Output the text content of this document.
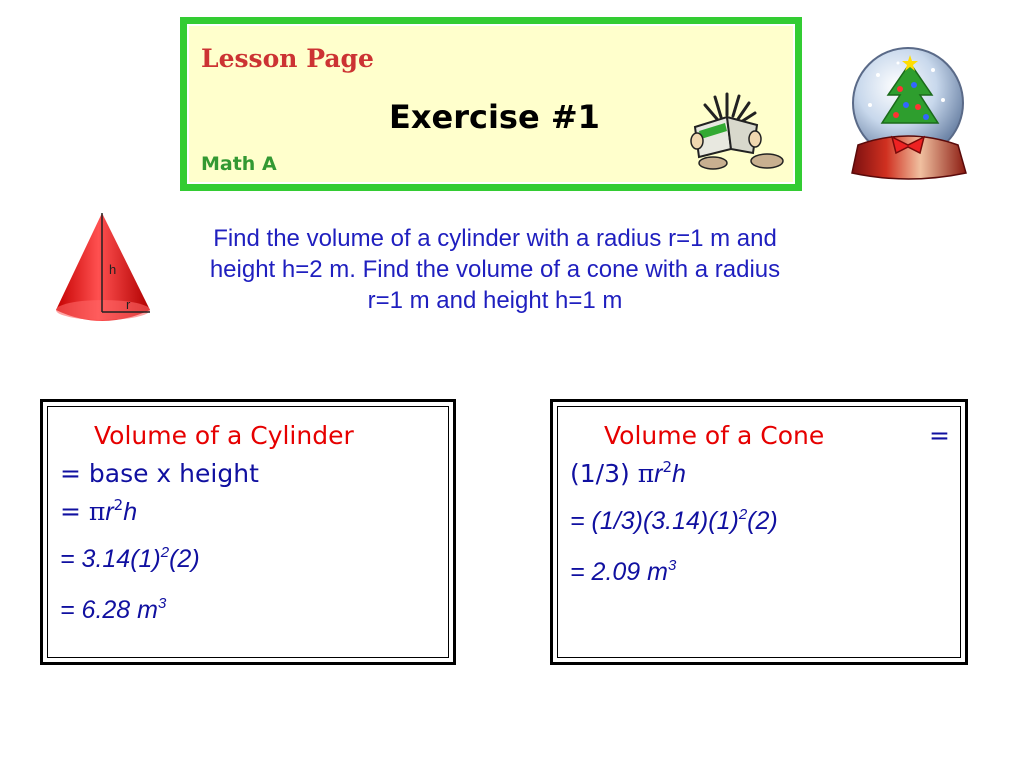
Lesson Page
Exercise #1
Math A
h
r
Find the volume of a cylinder with a radius r=1 m and height h=2 m. Find the volume of a cone with a radius r=1 m and height h=1 m
Volume of a Cylinder
= base x height
= $\pi r^2h$
= $3.14(1)^2(2)$
= 6.28 $m^3$
Volume of a Cone	=
(1/3) $\pi r^2h$
= $(1/3)(3.14)(1)^2(2)$
= 2.09 $m^3$
